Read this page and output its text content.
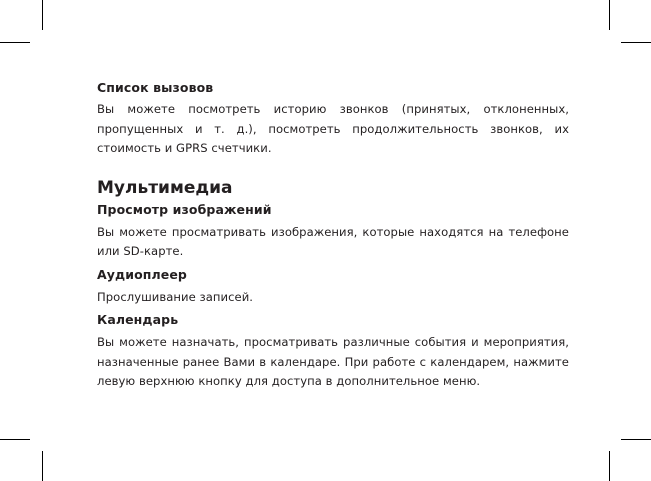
Список вызовов

Вы можете посмотреть историю звонков (принятых, отклоненных, пропущенных и т. д.), посмотреть продолжительность звонков, их стоимость и GPRS счетчики.

Мультимедиа
Просмотр изображений

Вы можете просматривать изображения, которые находятся на телефоне или SD-карте.

Аудиоплеер

Прослушивание записей.

Календарь

Вы можете назначать, просматривать различные события и мероприятия, назначенные ранее Вами в календаре. При работе с календарем, нажмите левую верхнюю кнопку для доступа в дополнительное меню.
